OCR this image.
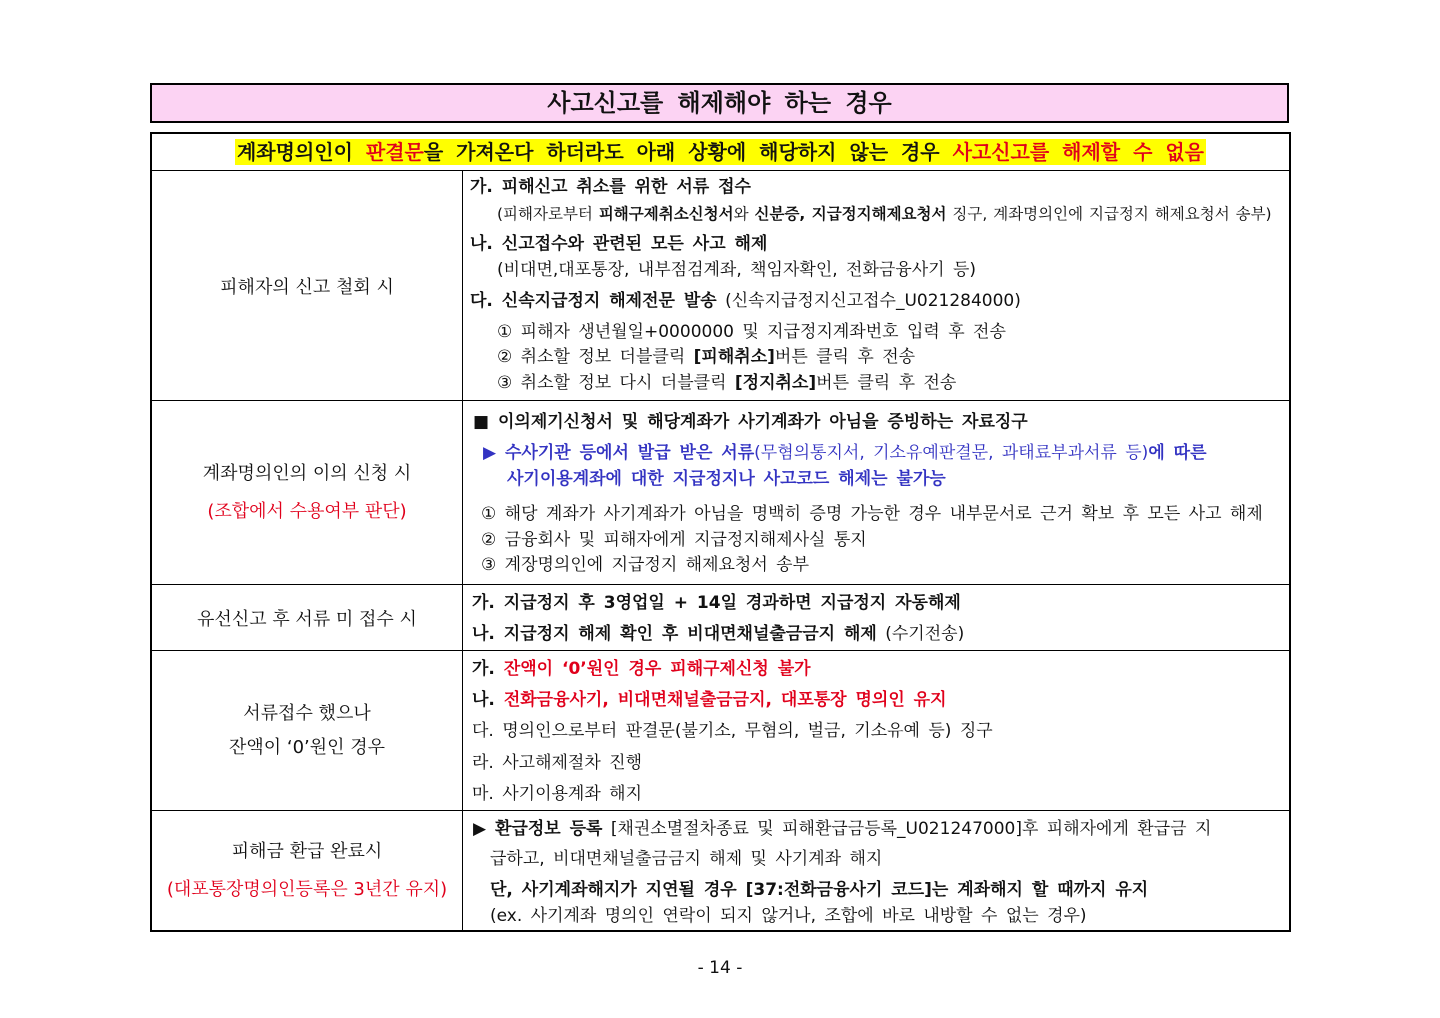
사고신고를 해제해야 하는 경우
계좌명의인이 판결문을 가져온다 하더라도 아래 상황에 해당하지 않는 경우 사고신고를 해제할 수 없음
피해자의 신고 철회 시
가. 피해신고 취소를 위한 서류 접수
(피해자로부터 피해구제취소신청서와 신분증, 지급정지해제요청서 징구, 계좌명의인에 지급정지 해제요청서 송부)
나. 신고접수와 관련된 모든 사고 해제
(비대면,대포통장, 내부점검계좌, 책임자확인, 전화금융사기 등)
다. 신속지급정지 해제전문 발송 (신속지급정지신고접수_U021284000)
① 피해자 생년월일+0000000 및 지급정지계좌번호 입력 후 전송
② 취소할 정보 더블클릭 [피해취소]버튼 클릭 후 전송
③ 취소할 정보 다시 더블클릭 [정지취소]버튼 클릭 후 전송
계좌명의인의 이의 신청 시
(조합에서 수용여부 판단)
■ 이의제기신청서 및 해당계좌가 사기계좌가 아님을 증빙하는 자료징구
▶ 수사기관 등에서 발급 받은 서류(무혐의통지서, 기소유예판결문, 과태료부과서류 등)에 따른
사기이용계좌에 대한 지급정지나 사고코드 해제는 불가능
① 해당 계좌가 사기계좌가 아님을 명백히 증명 가능한 경우 내부문서로 근거 확보 후 모든 사고 해제
② 금융회사 및 피해자에게 지급정지해제사실 통지
③ 계장명의인에 지급정지 해제요청서 송부
유선신고 후 서류 미 접수 시
가. 지급정지 후 3영업일 + 14일 경과하면 지급정지 자동해제
나. 지급정지 해제 확인 후 비대면채널출금금지 해제 (수기전송)
서류접수 했으나
잔액이 ‘0’원인 경우
가. 잔액이 ‘0’원인 경우 피해구제신청 불가
나. 전화금융사기, 비대면채널출금금지, 대포통장 명의인 유지
다. 명의인으로부터 판결문(불기소, 무혐의, 벌금, 기소유예 등) 징구
라. 사고해제절차 진행
마. 사기이용계좌 해지
피해금 환급 완료시
(대포통장명의인등록은 3년간 유지)
▶ 환급정보 등록 [채권소멸절차종료 및 피해환급금등록_U021247000]후 피해자에게 환급금 지
급하고, 비대면채널출금금지 해제 및 사기계좌 해지
단, 사기계좌해지가 지연될 경우 [37:전화금융사기 코드]는 계좌해지 할 때까지 유지
(ex. 사기계좌 명의인 연락이 되지 않거나, 조합에 바로 내방할 수 없는 경우)
- 14 -
